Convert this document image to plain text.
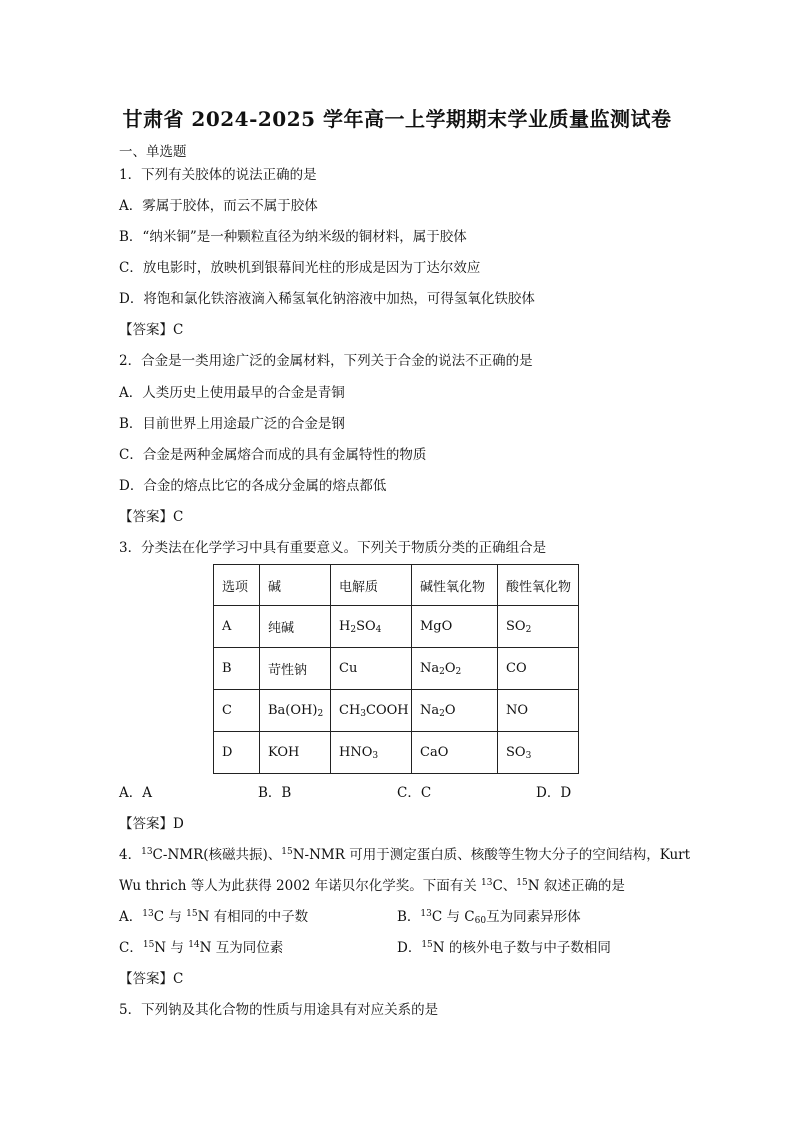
甘肃省 2024-2025 学年高一上学期期末学业质量监测试卷
一、单选题
1．下列有关胶体的说法正确的是
A．雾属于胶体，而云不属于胶体
B．“纳米铜”是一种颗粒直径为纳米级的铜材料，属于胶体
C．放电影时，放映机到银幕间光柱的形成是因为丁达尔效应
D．将饱和氯化铁溶液滴入稀氢氧化钠溶液中加热，可得氢氧化铁胶体
【答案】C
2．合金是一类用途广泛的金属材料，下列关于合金的说法不正确的是
A．人类历史上使用最早的合金是青铜
B．目前世界上用途最广泛的合金是钢
C．合金是两种金属熔合而成的具有金属特性的物质
D．合金的熔点比它的各成分金属的熔点都低
【答案】C
3．分类法在化学学习中具有重要意义。下列关于物质分类的正确组合是
选项	碱	电解质	碱性氧化物	酸性氧化物
A	纯碱	$H_2SO_4$	MgO	$SO_2$
B	苛性钠	Cu	$Na_2O_2$	CO
C	$Ba(OH)_2$	$CH_3COOH$	$Na_2O$	NO
D	KOH	$HNO_3$	CaO	$SO_3$
A．A	B．B	C．C	D．D
【答案】D
4．$^{13}$C-NMR(核磁共振)、$^{15}$N-NMR 可用于测定蛋白质、核酸等生物大分子的空间结构，Kurt
Wu thrich 等人为此获得 2002 年诺贝尔化学奖。下面有关 $^{13}$C、$^{15}$N 叙述正确的是
A．$^{13}$C 与 $^{15}$N 有相同的中子数	B．$^{13}$C 与 $C_{60}$互为同素异形体
C．$^{15}$N 与 $^{14}$N 互为同位素	D．$^{15}$N 的核外电子数与中子数相同
【答案】C
5．下列钠及其化合物的性质与用途具有对应关系的是
